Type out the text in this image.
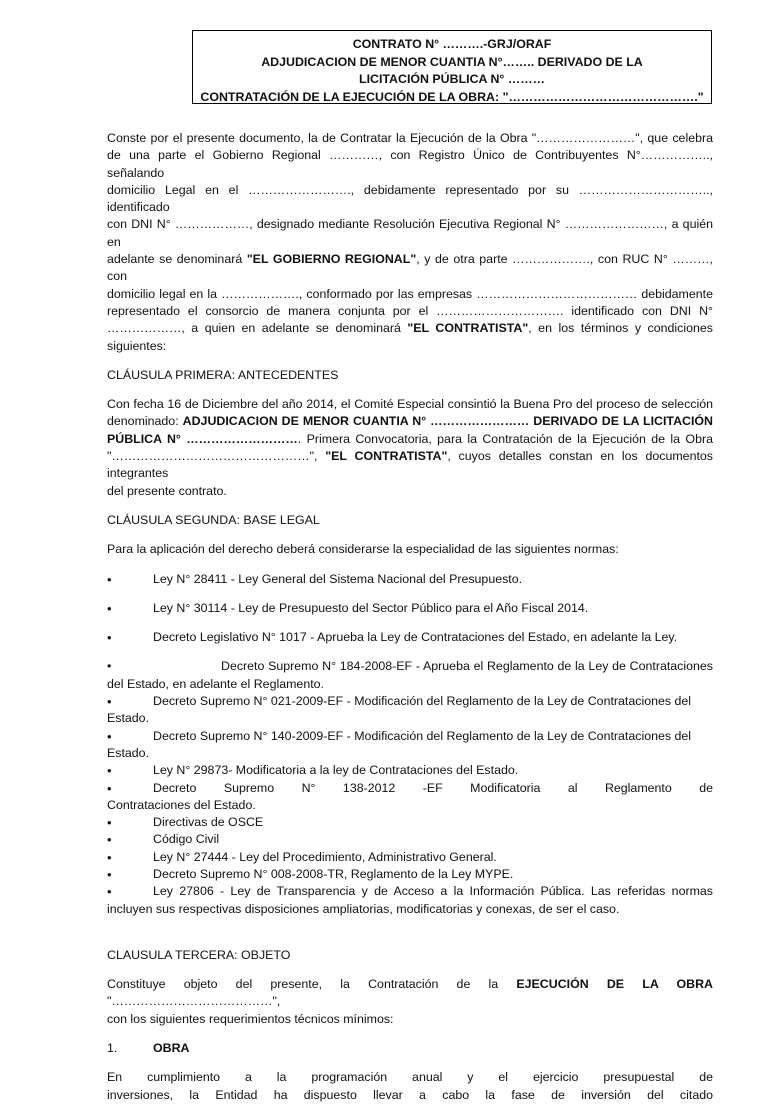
CONTRATO N° ……….-GRJ/ORAF
ADJUDICACION DE MENOR CUANTIA N°…….. DERIVADO DE LA
LICITACIÓN PÚBLICA N° ………
CONTRATACIÓN DE LA EJECUCIÓN DE LA OBRA: "………………………………………."

Conste por el presente documento, la de Contratar la Ejecución de la Obra "……………………", que celebra

de una parte el Gobierno Regional …………, con Registro Único de Contribuyentes N°…………….., señalando

domicilio Legal en el ……………………., debidamente representado por su ………………………….., identificado

con DNI N° ………………, designado mediante Resolución Ejecutiva Regional N° ……………………, a quién en

adelante se denominará "EL GOBIERNO REGIONAL", y de otra parte ………………., con RUC N° ………, con

domicilio legal en la ………………., conformado por las empresas ………………………………… debidamente

representado el consorcio de manera conjunta por el …………………………. identificado con DNI N°

………………, a quien en adelante se denominará "EL CONTRATISTA", en los términos y condiciones

siguientes:

CLÁUSULA PRIMERA: ANTECEDENTES

Con fecha 16 de Diciembre del año 2014, el Comité Especial consintió la Buena Pro del proceso de selección

denominado: ADJUDICACION DE MENOR CUANTIA N° …………………… DERIVADO DE LA LICITACIÓN

PÚBLICA N° ………………………. Primera Convocatoria, para la Contratación de la Ejecución de la Obra

"…………………………………………", "EL CONTRATISTA", cuyos detalles constan en los documentos integrantes

del presente contrato.

CLÁUSULA SEGUNDA: BASE LEGAL

Para la aplicación del derecho deberá considerarse la especialidad de las siguientes normas:

•	Ley N° 28411 - Ley General del Sistema Nacional del Presupuesto.
•	Ley N° 30114 - Ley de Presupuesto del Sector Público para el Año Fiscal 2014.
•	Decreto Legislativo N° 1017 - Aprueba la Ley de Contrataciones del Estado, en adelante la Ley.

•	Decreto Supremo N° 184-2008-EF - Aprueba el Reglamento de la Ley de Contrataciones

del Estado, en adelante el Reglamento.

•	Decreto Supremo N° 021-2009-EF - Modificación del Reglamento de la Ley de Contrataciones del

Estado.

•	Decreto Supremo N° 140-2009-EF - Modificación del Reglamento de la Ley de Contrataciones del

Estado.

•	Ley N° 29873- Modificatoria a la ley de Contrataciones del Estado.
•	Decreto Supremo N° 138-2012 -EF Modificatoria al Reglamento de

Contrataciones del Estado.

•	Directivas de OSCE
•	Código Civil
•	Ley N° 27444 - Ley del Procedimiento, Administrativo General.
•	Decreto Supremo N° 008-2008-TR, Reglamento de la Ley MYPE.
•	Ley 27806 - Ley de Transparencia y de Acceso a la Información Pública. Las referidas normas

incluyen sus respectivas disposiciones ampliatorias, modificatorias y conexas, de ser el caso.

CLAUSULA TERCERA: OBJETO

Constituye objeto del presente, la Contratación de la EJECUCIÓN DE LA OBRA "…………………………………",

con los siguientes requerimientos técnicos mínimos:

1.	OBRA

En cumplimiento a la programación anual y el ejercicio presupuestal de

inversiones, la Entidad ha dispuesto llevar a cabo la fase de inversión del citado
